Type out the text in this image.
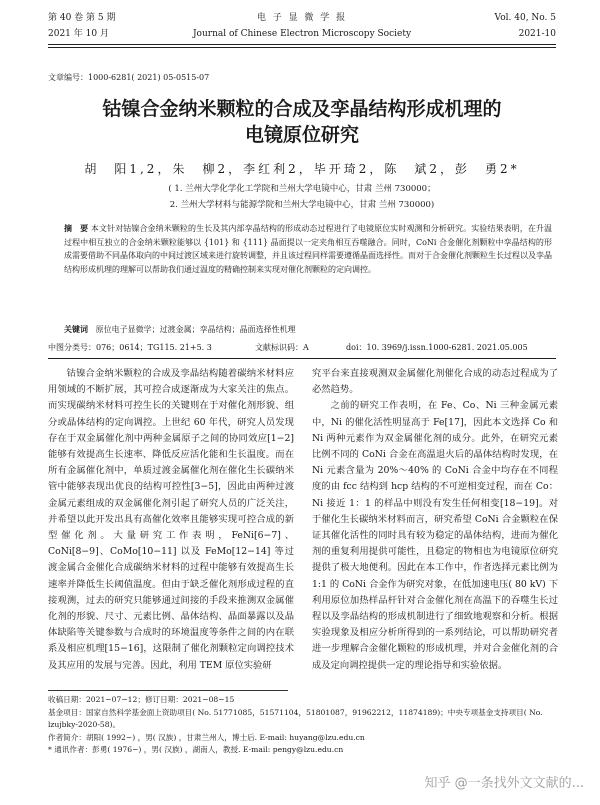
第 40 卷 第 5 期
2021 年 10 月
电 子 显 微 学 报
Journal of Chinese Electron Microscopy Society
Vol. 40, No. 5
2021-10
文章编号：1000-6281( 2021) 05-0515-07
钴镍合金纳米颗粒的合成及孪晶结构形成机理的
电镜原位研究
胡　阳1,2，朱　柳2，李红利2，毕开琦2，陈　斌2，彭　勇2*
( 1. 兰州大学化学化工学院和兰州大学电镜中心，甘肃 兰州 730000；
2. 兰州大学材料与能源学院和兰州大学电镜中心，甘肃 兰州 730000)
摘　要 本文针对钴镍合金纳米颗粒的生长及其内部孪晶结构的形成动态过程进行了电镜原位实时观测和分析研究。实验结果表明，在升温过程中相互独立的合金纳米颗粒能够以 {101} 和 {111} 晶面提以一定夹角相互吞噬融合。同时，CoNi 合金催化剂颗粒中孪晶结构的形成需要借助不同晶体取向的中间过渡区域来进行旋转调整，并且该过程同样需要遵循晶面选择性。而对于合金催化剂颗粒生长过程以及孪晶结构形成机理的理解可以帮助我们通过温度的精确控制来实现对催化剂颗粒的定向调控。
关键词 原位电子显微学；过渡金属；孪晶结构；晶面选择性机理
中图分类号：076；0614；TG115. 21+5. 3	文献标识码：A	doi：10. 3969/j.issn.1000-6281. 2021.05.005

钴镍合金纳米颗粒的合成及孪晶结构随着碳纳米材料应用领域的不断扩展，其可控合成逐渐成为大家关注的焦点。而实现碳纳米材料可控生长的关键则在于对催化剂形貌、组分或晶体结构的定向调控。上世纪 60 年代，研究人员发现存在于双金属催化剂中两种金属原子之间的协同效应[1−2]能够有效提高生长速率、降低反应活化能和生长温度。而在所有金属催化剂中，单质过渡金属催化剂在催化生长碳纳米管中能够表现出优良的结构可控性[3−5]，因此由两种过渡金属元素组成的双金属催化剂引起了研究人员的广泛关注，并希望以此开发出具有高催化效率且能够实现可控合成的新型催化剂。大量研究工作表明，FeNi[6−7]、CoNi[8−9]、CoMo[10−11] 以及 FeMo[12−14] 等过渡金属合金催化合成碳纳米材料的过程中能够有效提高生长速率并降低生长阈值温度。但由于缺乏催化剂形成过程的直接观测，过去的研究只能够通过间接的手段来推测双金属催化剂的形貌、尺寸、元素比例、晶体结构、晶面暴露以及晶体缺陷等关键参数与合成时的环境温度等条件之间的内在联系及相应机理[15−16]，这限制了催化剂颗粒定向调控技术及其应用的发展与完善。因此，利用 TEM 原位实验研

究平台来直接观测双金属催化剂催化合成的动态过程成为了必然趋势。

之前的研究工作表明，在 Fe、Co、Ni 三种金属元素中，Ni 的催化活性明显高于 Fe[17]，因此本文选择 Co 和 Ni 两种元素作为双金属催化剂的成分。此外，在研究元素比例不同的 CoNi 合金在高温退火后的晶体结构时发现，在 Ni 元素含量为 20%～40% 的 CoNi 合金中均存在不同程度的由 fcc 结构到 hcp 结构的不可逆相变过程，而在 Co：Ni 接近 1：1 的样品中则没有发生任何相变[18−19]。对于催化生长碳纳米材料而言，研究希望 CoNi 合金颗粒在保证其催化活性的同时具有较为稳定的晶体结构，进而为催化剂的重复利用提供可能性，且稳定的物相也为电镜原位研究提供了极大地便利。因此在本工作中，作者选择元素比例为 1:1 的 CoNi 合金作为研究对象，在低加速电压( 80 kV) 下利用原位加热样品杆针对合金催化剂在高温下的吞噬生长过程以及孪晶结构的形成机制进行了细致地观察和分析。根据实验现象及相应分析所得到的一系列结论，可以帮助研究者进一步理解合金催化颗粒的形成机理，并对合金催化剂的合成及定向调控提供一定的理论指导和实验依据。

收稿日期：2021−07−12；修订日期：2021−08−15
基金项目：国家自然科学基金面上资助项目( No. 51771085，51571104，51801087，91962212，11874189)；中央专项基金支持项目( No. lzujbky-2020-58)。
作者简介：胡阳( 1992−) ，男( 汉族) ，甘肃兰州人，博士后. E-mail: huyang@lzu.edu.cn
* 通讯作者：彭勇( 1976−) ，男( 汉族) ，湖南人，教授. E-mail: pengy@lzu.edu.cn
知乎 @一条找外文文献的...
